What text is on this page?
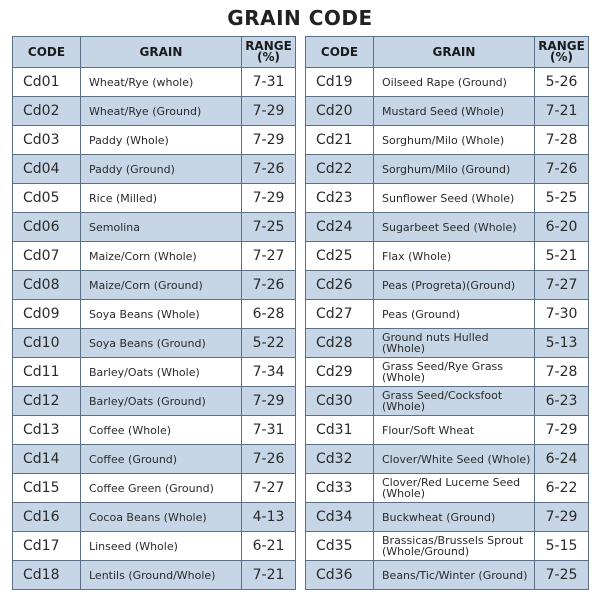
GRAIN CODE
CODE	GRAIN	RANGE
(%)
Cd01	Wheat/Rye (whole)	7-31
Cd02	Wheat/Rye (Ground)	7-29
Cd03	Paddy (Whole)	7-29
Cd04	Paddy (Ground)	7-26
Cd05	Rice (Milled)	7-29
Cd06	Semolina	7-25
Cd07	Maize/Corn (Whole)	7-27
Cd08	Maize/Corn (Ground)	7-26
Cd09	Soya Beans (Whole)	6-28
Cd10	Soya Beans (Ground)	5-22
Cd11	Barley/Oats (Whole)	7-34
Cd12	Barley/Oats (Ground)	7-29
Cd13	Coffee (Whole)	7-31
Cd14	Coffee (Ground)	7-26
Cd15	Coffee Green (Ground)	7-27
Cd16	Cocoa Beans (Whole)	4-13
Cd17	Linseed (Whole)	6-21
Cd18	Lentils (Ground/Whole)	7-21
CODE	GRAIN	RANGE
(%)
Cd19	Oilseed Rape (Ground)	5-26
Cd20	Mustard Seed (Whole)	7-21
Cd21	Sorghum/Milo (Whole)	7-28
Cd22	Sorghum/Milo (Ground)	7-26
Cd23	Sunflower Seed (Whole)	5-25
Cd24	Sugarbeet Seed (Whole)	6-20
Cd25	Flax (Whole)	5-21
Cd26	Peas (Progreta)(Ground)	7-27
Cd27	Peas (Ground)	7-30
Cd28	Ground nuts Hulled (Whole)	5-13
Cd29	Grass Seed/Rye Grass (Whole)	7-28
Cd30	Grass Seed/Cocksfoot (Whole)	6-23
Cd31	Flour/Soft Wheat	7-29
Cd32	Clover/White Seed (Whole)	6-24
Cd33	Clover/Red Lucerne Seed (Whole)	6-22
Cd34	Buckwheat (Ground)	7-29
Cd35	Brassicas/Brussels Sprout (Whole/Ground)	5-15
Cd36	Beans/Tic/Winter (Ground)	7-25
